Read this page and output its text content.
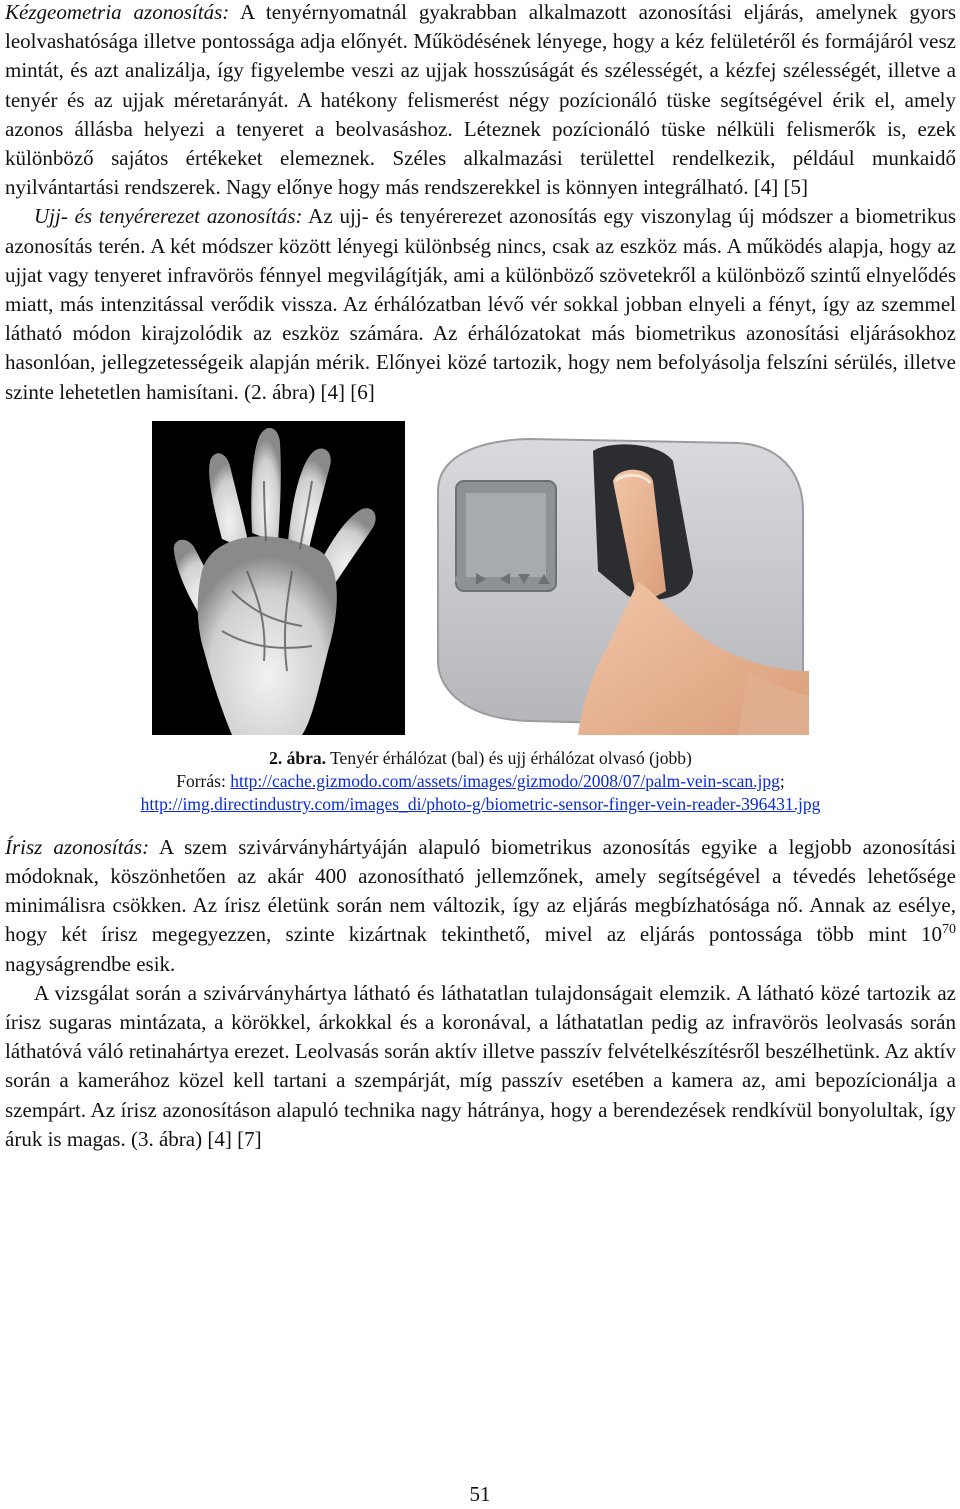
Kézgeometria azonosítás: A tenyérnyomatnál gyakrabban alkalmazott azonosítási eljárás, amelynek gyors leolvashatósága illetve pontossága adja előnyét. Működésének lényege, hogy a kéz felületéről és formájáról vesz mintát, és azt analizálja, így figyelembe veszi az ujjak hosszúságát és szélességét, a kézfej szélességét, illetve a tenyér és az ujjak méretarányát. A hatékony felismerést négy pozícionáló tüske segítségével érik el, amely azonos állásba helyezi a tenyeret a beolvasáshoz. Léteznek pozícionáló tüske nélküli felismerők is, ezek különböző sajátos értékeket elemeznek. Széles alkalmazási területtel rendelkezik, például munkaidő nyilvántartási rendszerek. Nagy előnye hogy más rendszerekkel is könnyen integrálható. [4] [5]

Ujj- és tenyérerezet azonosítás: Az ujj- és tenyérerezet azonosítás egy viszonylag új módszer a biometrikus azonosítás terén. A két módszer között lényegi különbség nincs, csak az eszköz más. A működés alapja, hogy az ujjat vagy tenyeret infravörös fénnyel megvilágítják, ami a különböző szövetekről a különböző szintű elnyelődés miatt, más intenzitással verődik vissza. Az érhálózatban lévő vér sokkal jobban elnyeli a fényt, így az szemmel látható módon kirajzolódik az eszköz számára. Az érhálózatokat más biometrikus azonosítási eljárásokhoz hasonlóan, jellegzetességeik alapján mérik. Előnyei közé tartozik, hogy nem befolyásolja felszíni sérülés, illetve szinte lehetetlen hamisítani. (2. ábra) [4] [6]

2. ábra. Tenyér érhálózat (bal) és ujj érhálózat olvasó (jobb)
Forrás: http://cache.gizmodo.com/assets/images/gizmodo/2008/07/palm-vein-scan.jpg;
http://img.directindustry.com/images_di/photo-g/biometric-sensor-finger-vein-reader-396431.jpg

Írisz azonosítás: A szem szivárványhártyáján alapuló biometrikus azonosítás egyike a legjobb azonosítási módoknak, köszönhetően az akár 400 azonosítható jellemzőnek, amely segítségével a tévedés lehetősége minimálisra csökken. Az írisz életünk során nem változik, így az eljárás megbízhatósága nő. Annak az esélye, hogy két írisz megegyezzen, szinte kizártnak tekinthető, mivel az eljárás pontossága több mint $10^{70}$ nagyságrendbe esik.

A vizsgálat során a szivárványhártya látható és láthatatlan tulajdonságait elemzik. A látható közé tartozik az írisz sugaras mintázata, a körökkel, árkokkal és a koronával, a láthatatlan pedig az infravörös leolvasás során láthatóvá váló retinahártya erezet. Leolvasás során aktív illetve passzív felvételkészítésről beszélhetünk. Az aktív során a kamerához közel kell tartani a szempárját, míg passzív esetében a kamera az, ami bepozícionálja a szempárt. Az írisz azonosításon alapuló technika nagy hátránya, hogy a berendezések rendkívül bonyolultak, így áruk is magas. (3. ábra) [4] [7]

51
